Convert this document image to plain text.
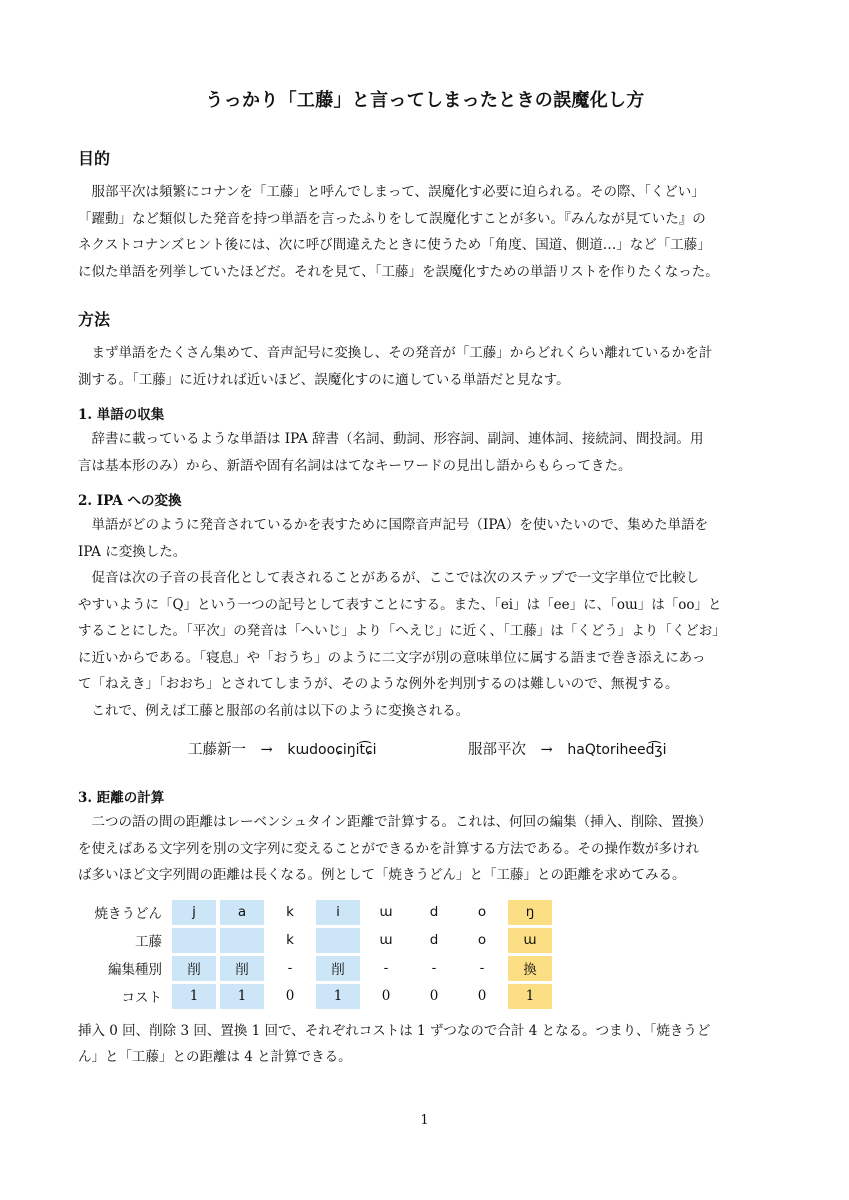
うっかり「工藤」と言ってしまったときの誤魔化し方
目的
服部平次は頻繁にコナンを「工藤」と呼んでしまって、誤魔化す必要に迫られる。その際、「くどい」
「躍動」など類似した発音を持つ単語を言ったふりをして誤魔化すことが多い。『みんなが見ていた』の
ネクストコナンズヒント後には、次に呼び間違えたときに使うため「角度、国道、側道…」など「工藤」
に似た単語を列挙していたほどだ。それを見て、「工藤」を誤魔化すための単語リストを作りたくなった。
方法
まず単語をたくさん集めて、音声記号に変換し、その発音が「工藤」からどれくらい離れているかを計
測する。「工藤」に近ければ近いほど、誤魔化すのに適している単語だと見なす。
1. 単語の収集
辞書に載っているような単語は IPA 辞書（名詞、動詞、形容詞、副詞、連体詞、接続詞、間投詞。用
言は基本形のみ）から、新語や固有名詞ははてなキーワードの見出し語からもらってきた。
2. IPA への変換
単語がどのように発音されているかを表すために国際音声記号（IPA）を使いたいので、集めた単語を
IPA に変換した。
促音は次の子音の長音化として表されることがあるが、ここでは次のステップで一文字単位で比較し
やすいように「Q」という一つの記号として表すことにする。また、「ei」は「ee」に、「oɯ」は「oo」と
することにした。「平次」の発音は「へいじ」より「へえじ」に近く、「工藤」は「くどう」より「くどお」
に近いからである。「寝息」や「おうち」のように二文字が別の意味単位に属する語まで巻き添えにあっ
て「ねえき」「おおち」とされてしまうが、そのような例外を判別するのは難しいので、無視する。
これで、例えば工藤と服部の名前は以下のように変換される。
工藤新一 → kɯdooɕiŋit͡ɕi	服部平次 → haQtoriheed͡ʒi
3. 距離の計算
二つの語の間の距離はレーベンシュタイン距離で計算する。これは、何回の編集（挿入、削除、置換）
を使えばある文字列を別の文字列に変えることができるかを計算する方法である。その操作数が多けれ
ば多いほど文字列間の距離は長くなる。例として「焼きうどん」と「工藤」との距離を求めてみる。
焼きうどん	j	a	k	i	ɯ	d	o	ŋ
工藤			k		ɯ	d	o	ɯ
編集種別	削	削	-	削	-	-	-	換
コスト	1	1	0	1	0	0	0	1
挿入 0 回、削除 3 回、置換 1 回で、それぞれコストは 1 ずつなので合計 4 となる。つまり、「焼きうど
ん」と「工藤」との距離は 4 と計算できる。
1
